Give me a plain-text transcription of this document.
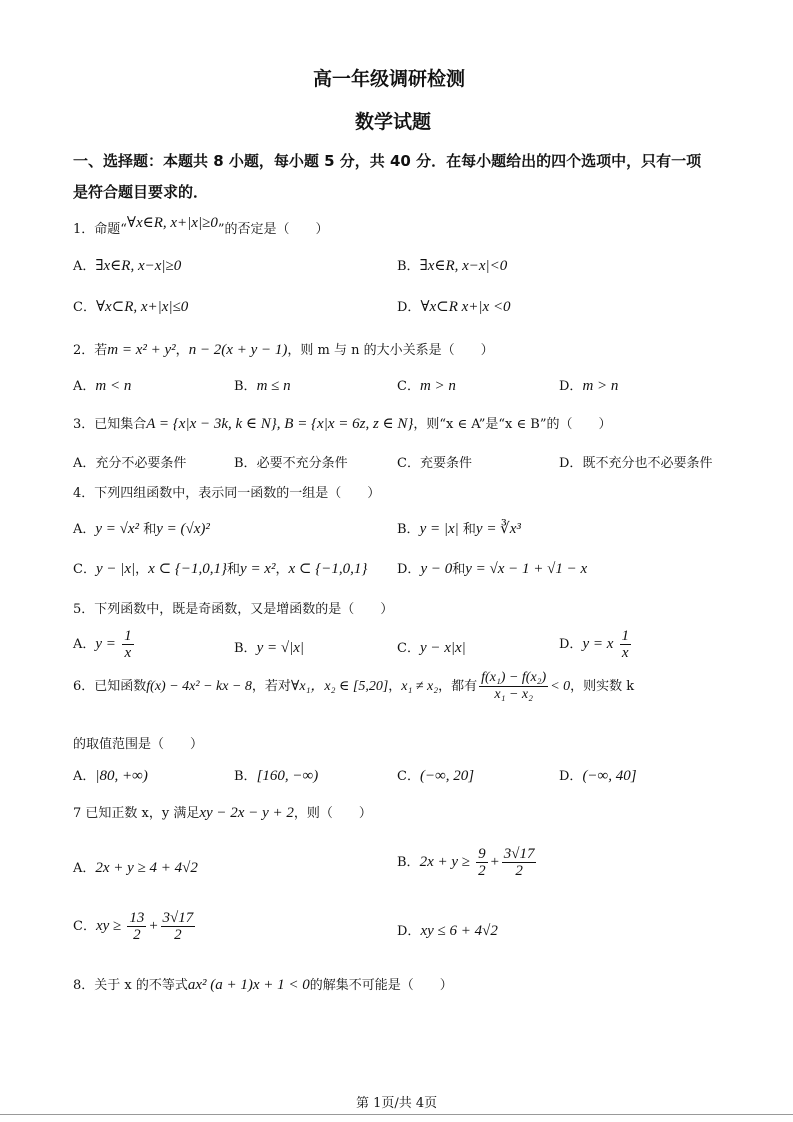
高一年级调研检测
数学试题
一、选择题：本题共 8 小题，每小题 5 分，共 40 分．在每小题给出的四个选项中，只有一项
是符合题目要求的．
1．命题“∀x∈R, x+|x|≥0”的否定是（　　）
A．∃x∈R, x−x|≥0	B．∃x∈R, x−x|<0
C．∀x⊂R, x+|x|≤0	D．∀x⊂R x+|x <0
2．若m = x² + y²，n − 2(x + y − 1)，则 m 与 n 的大小关系是（　　）
A．m < n	B．m ≤ n	C．m > n	D．m > n
3．已知集合A = {x|x − 3k, k ∈ N}, B = {x|x = 6z, z ∈ N}，则“x ∈ A”是“x ∈ B”的（　　）
A．充分不必要条件	B．必要不充分条件	C．充要条件	D．既不充分也不必要条件
4．下列四组函数中，表示同一函数的一组是（　　）
A．y = √x² 和y = (√x)²	B．y = |x| 和y = ∛x³
C．y − |x|，x ⊂ {−1,0,1}和y = x²，x ⊂ {−1,0,1} D．y − 0和y = √x − 1 + √1 − x
5．下列函数中，既是奇函数，又是增函数的是（　　）
A．$y = \frac{1}{x}$	B．y = √|x|	C．y − x|x|	D．y = x $\frac{1}{x}$
6．已知函数f(x) − 4x² − kx − 8，若对∀x₁，x₂ ∈ [5,20]，x₁ ≠ x₂，都有 $\frac{\text{f(x₁) − f(x₂)}}{\text{x₁ − x₂}} < 0$，则实数 k
的取值范围是（　　）
A．|80, +∞)	B．[160, −∞)	C．(−∞, 20]	D．(−∞, 40]
7 已知正数 x，y 满足xy − 2x − y + 2，则（　　）
A．2x + y ≥ 4 + 4√2	B．$2x + y \ge \frac{9}{2} + \frac{3√17}{2}$
C．xy ≥ $\frac{13}{2} + \frac{3√17}{2}$	D．xy ≤ 6 + 4√2
8．关于 x 的不等式ax² (a + 1)x + 1 < 0的解集不可能是（　　）
第 1页/共 4页
